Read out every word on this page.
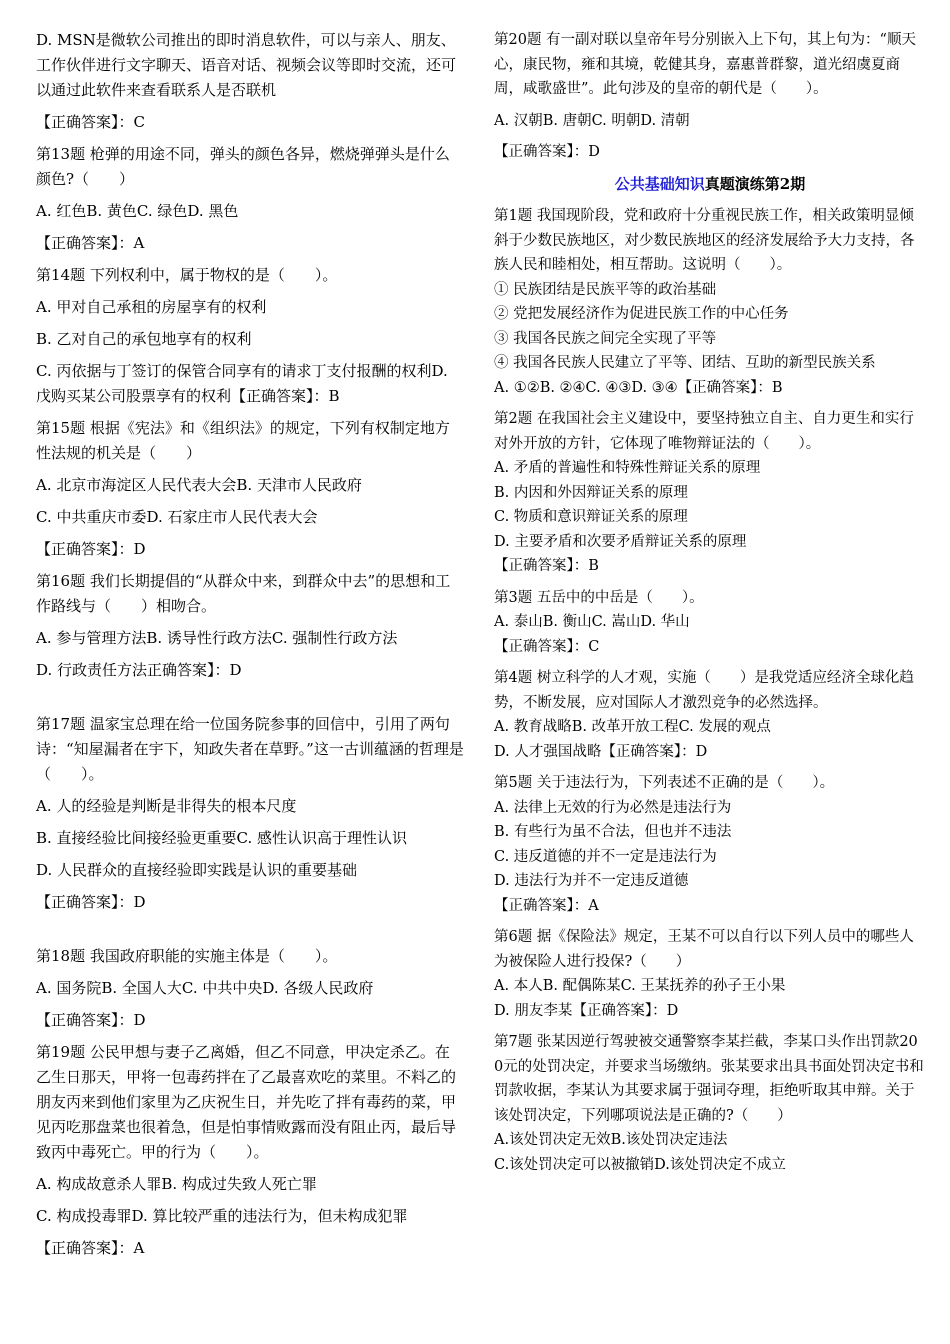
D. MSN是微软公司推出的即时消息软件，可以与亲人、朋友、工作伙伴进行文字聊天、语音对话、视频会议等即时交流，还可以通过此软件来查看联系人是否联机

【正确答案】：C

第13题 枪弹的用途不同，弹头的颜色各异，燃烧弹弹头是什么颜色?（　　）

A. 红色B. 黄色C. 绿色D. 黑色

【正确答案】：A

第14题 下列权利中，属于物权的是（　　）。

A. 甲对自己承租的房屋享有的权利

B. 乙对自己的承包地享有的权利

C. 丙依据与丁签订的保管合同享有的请求丁支付报酬的权利D. 戊购买某公司股票享有的权利【正确答案】：B

第15题 根据《宪法》和《组织法》的规定，下列有权制定地方性法规的机关是（　　）

A. 北京市海淀区人民代表大会B. 天津市人民政府

C. 中共重庆市委D. 石家庄市人民代表大会

【正确答案】：D

第16题 我们长期提倡的“从群众中来，到群众中去”的思想和工作路线与（　　）相吻合。

A. 参与管理方法B. 诱导性行政方法C. 强制性行政方法

D. 行政责任方法正确答案】：D

第17题 温家宝总理在给一位国务院参事的回信中，引用了两句诗：“知屋漏者在宇下，知政失者在草野。”这一古训蕴涵的哲理是（　　）。

A. 人的经验是判断是非得失的根本尺度

B. 直接经验比间接经验更重要C. 感性认识高于理性认识

D. 人民群众的直接经验即实践是认识的重要基础

【正确答案】：D

第18题 我国政府职能的实施主体是（　　）。

A. 国务院B. 全国人大C. 中共中央D. 各级人民政府

【正确答案】：D

第19题 公民甲想与妻子乙离婚，但乙不同意，甲决定杀乙。在乙生日那天，甲将一包毒药拌在了乙最喜欢吃的菜里。不料乙的朋友丙来到他们家里为乙庆祝生日，并先吃了拌有毒药的菜，甲见丙吃那盘菜也很着急，但是怕事情败露而没有阻止丙，最后导致丙中毒死亡。甲的行为（　　）。

A. 构成故意杀人罪B. 构成过失致人死亡罪

C. 构成投毒罪D. 算比较严重的违法行为，但未构成犯罪

【正确答案】：A

第20题 有一副对联以皇帝年号分别嵌入上下句，其上句为：“顺天心，康民物，雍和其境，乾健其身，嘉惠普群黎，道光绍虞夏商周，咸歌盛世”。此句涉及的皇帝的朝代是（　　）。

A. 汉朝B. 唐朝C. 明朝D. 清朝

【正确答案】：D

公共基础知识真题演练第2期

第1题 我国现阶段，党和政府十分重视民族工作，相关政策明显倾斜于少数民族地区，对少数民族地区的经济发展给予大力支持，各族人民和睦相处，相互帮助。这说明（　　）。

① 民族团结是民族平等的政治基础

② 党把发展经济作为促进民族工作的中心任务

③ 我国各民族之间完全实现了平等

④ 我国各民族人民建立了平等、团结、互助的新型民族关系

A. ①②B. ②④C. ④③D. ③④【正确答案】：B

第2题 在我国社会主义建设中，要坚持独立自主、自力更生和实行对外开放的方针，它体现了唯物辩证法的（　　）。

A. 矛盾的普遍性和特殊性辩证关系的原理

B. 内因和外因辩证关系的原理

C. 物质和意识辩证关系的原理

D. 主要矛盾和次要矛盾辩证关系的原理

【正确答案】：B

第3题 五岳中的中岳是（　　）。

A. 泰山B. 衡山C. 嵩山D. 华山

【正确答案】：C

第4题 树立科学的人才观，实施（　　）是我党适应经济全球化趋势，不断发展，应对国际人才激烈竞争的必然选择。

A. 教育战略B. 改革开放工程C. 发展的观点

D. 人才强国战略【正确答案】：D

第5题 关于违法行为，下列表述不正确的是（　　）。

A. 法律上无效的行为必然是违法行为

B. 有些行为虽不合法，但也并不违法

C. 违反道德的并不一定是违法行为

D. 违法行为并不一定违反道德

【正确答案】：A

第6题 据《保险法》规定，王某不可以自行以下列人员中的哪些人为被保险人进行投保?（　　）

A. 本人B. 配偶陈某C. 王某抚养的孙子王小果

D. 朋友李某【正确答案】：D

第7题 张某因逆行驾驶被交通警察李某拦截，李某口头作出罚款200元的处罚决定，并要求当场缴纳。张某要求出具书面处罚决定书和罚款收据，李某认为其要求属于强词夺理，拒绝听取其申辩。关于该处罚决定，下列哪项说法是正确的?（　　）

A.该处罚决定无效B.该处罚决定违法

C.该处罚决定可以被撤销D.该处罚决定不成立
